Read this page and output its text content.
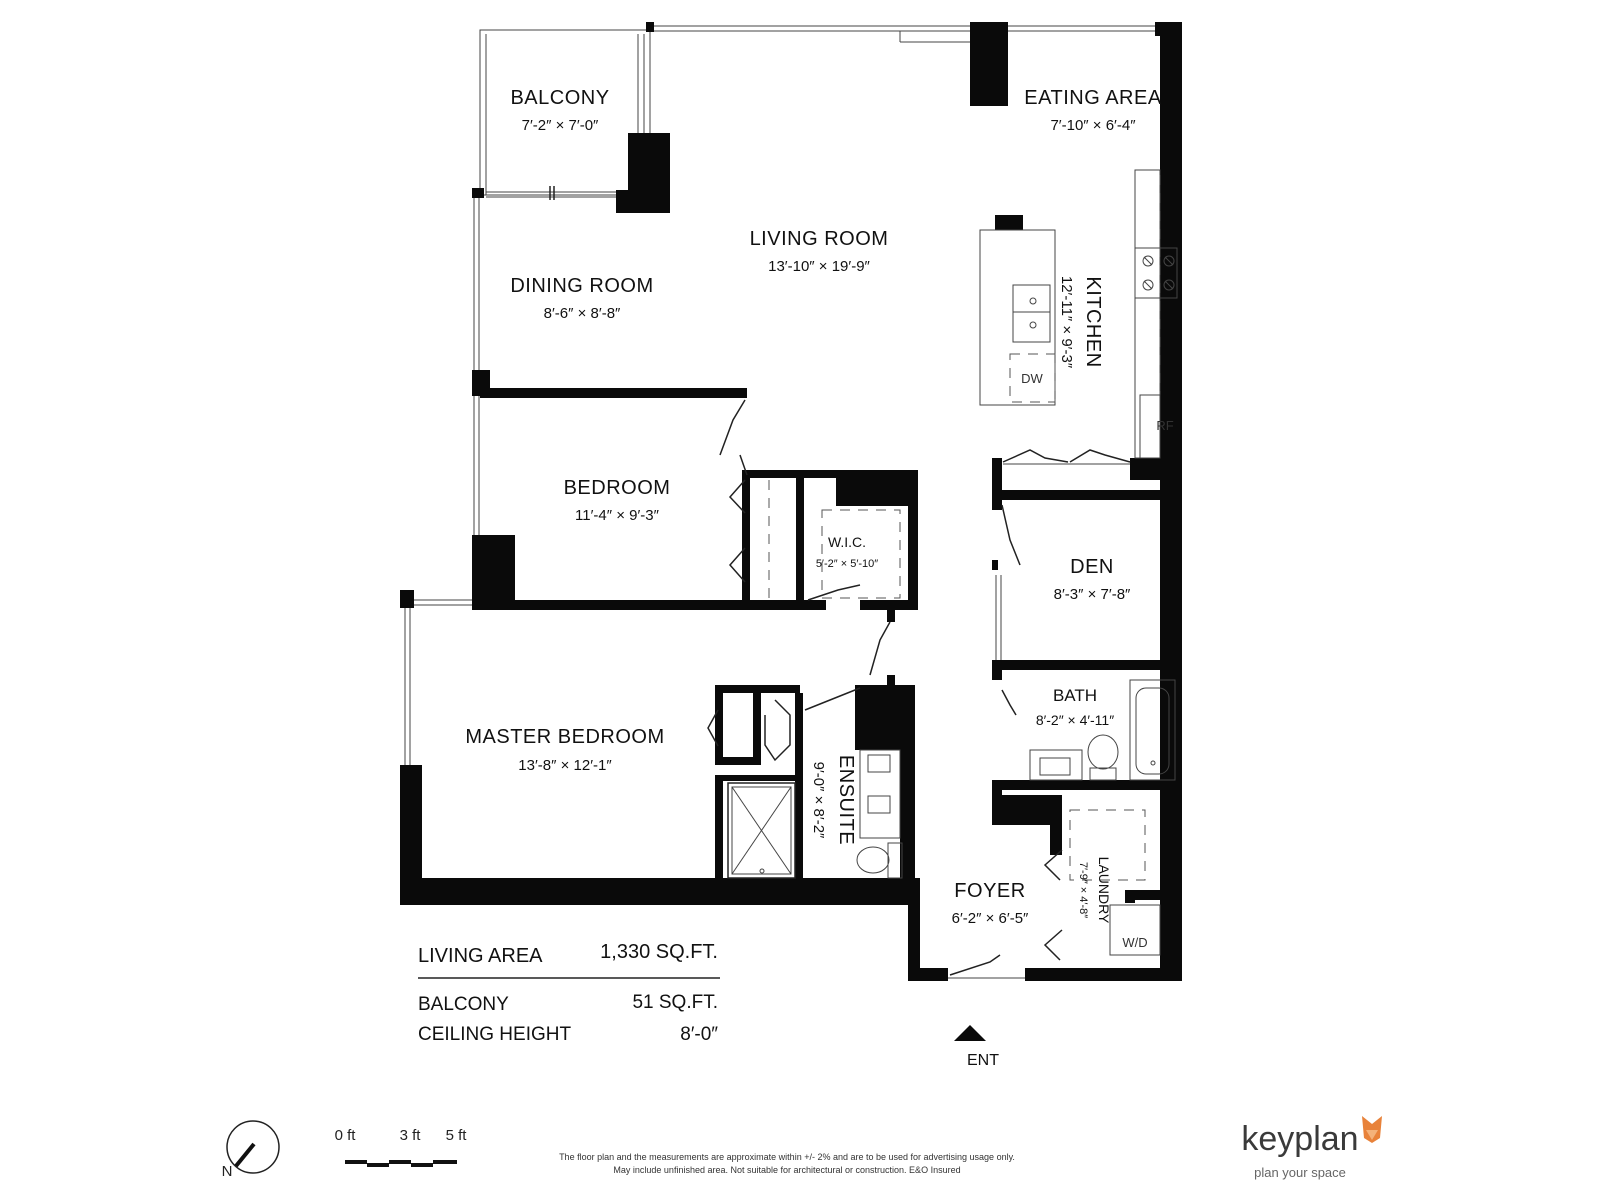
BALCONY
7′-2″ × 7′-0″
EATING AREA
7′-10″ × 6′-4″
LIVING ROOM
13′-10″ × 19′-9″
DINING ROOM
8′-6″ × 8′-8″	KITCHEN
12′-11″ × 9′-3″
BEDROOM
11′-4″ × 9′-3″
W.I.C.
5′-2″ × 5′-10″	DEN
8′-3″ × 7′-8″
MASTER BEDROOM
13′-8″ × 12′-1″	ENSUITE
9′-0″ × 8′-2″
BATH
8′-2″ × 4′-11″
LAUNDRY
7′-9″ × 4′-8″
FOYER
6′-2″ × 6′-5″
DW
RF
W/D
ENT
LIVING AREA	1,330 SQ.FT.
BALCONY	51 SQ.FT.
CEILING HEIGHT	8′-0″
N
0 ft	3 ft 5 ft
The floor plan and the measurements are approximate within +/- 2% and are to be used for advertising usage only.
May include unfinished area. Not suitable for architectural or construction. E&O Insured
keyplan
plan your space
